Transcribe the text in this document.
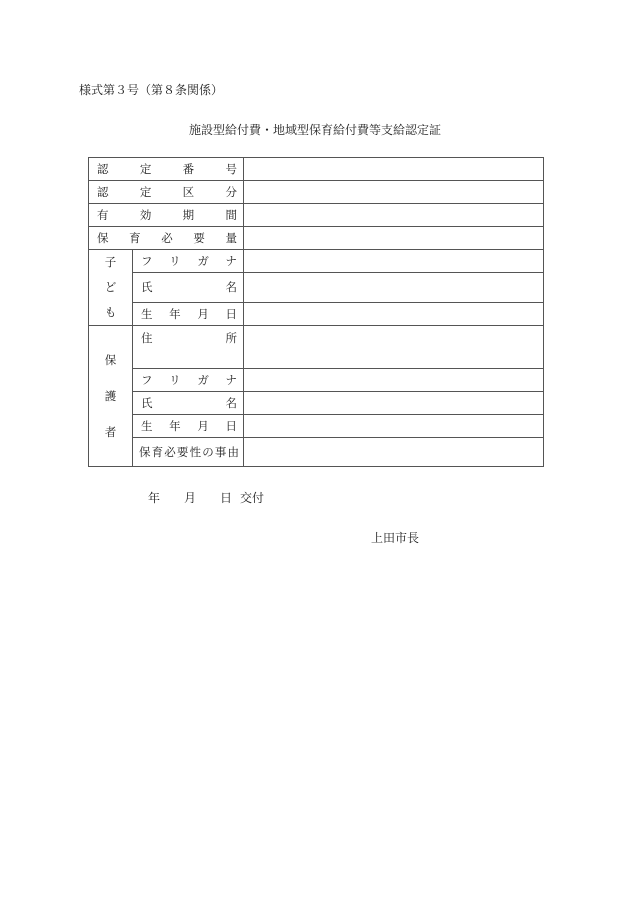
様式第３号（第８条関係）
施設型給付費・地域型保育給付費等支給認定証
認 定 番 号		
認 定 区 分		
有 効 期 間		
保 育 必 要 量		

子
ど
も	フ リ ガ ナ	
	氏 名	
	生 年 月 日	

保
護
者	住 所	
	フ リ ガ ナ	
	氏 名	
	生 年 月 日	
	保育必要性の事由	
年 月 日 交付
上田市長
